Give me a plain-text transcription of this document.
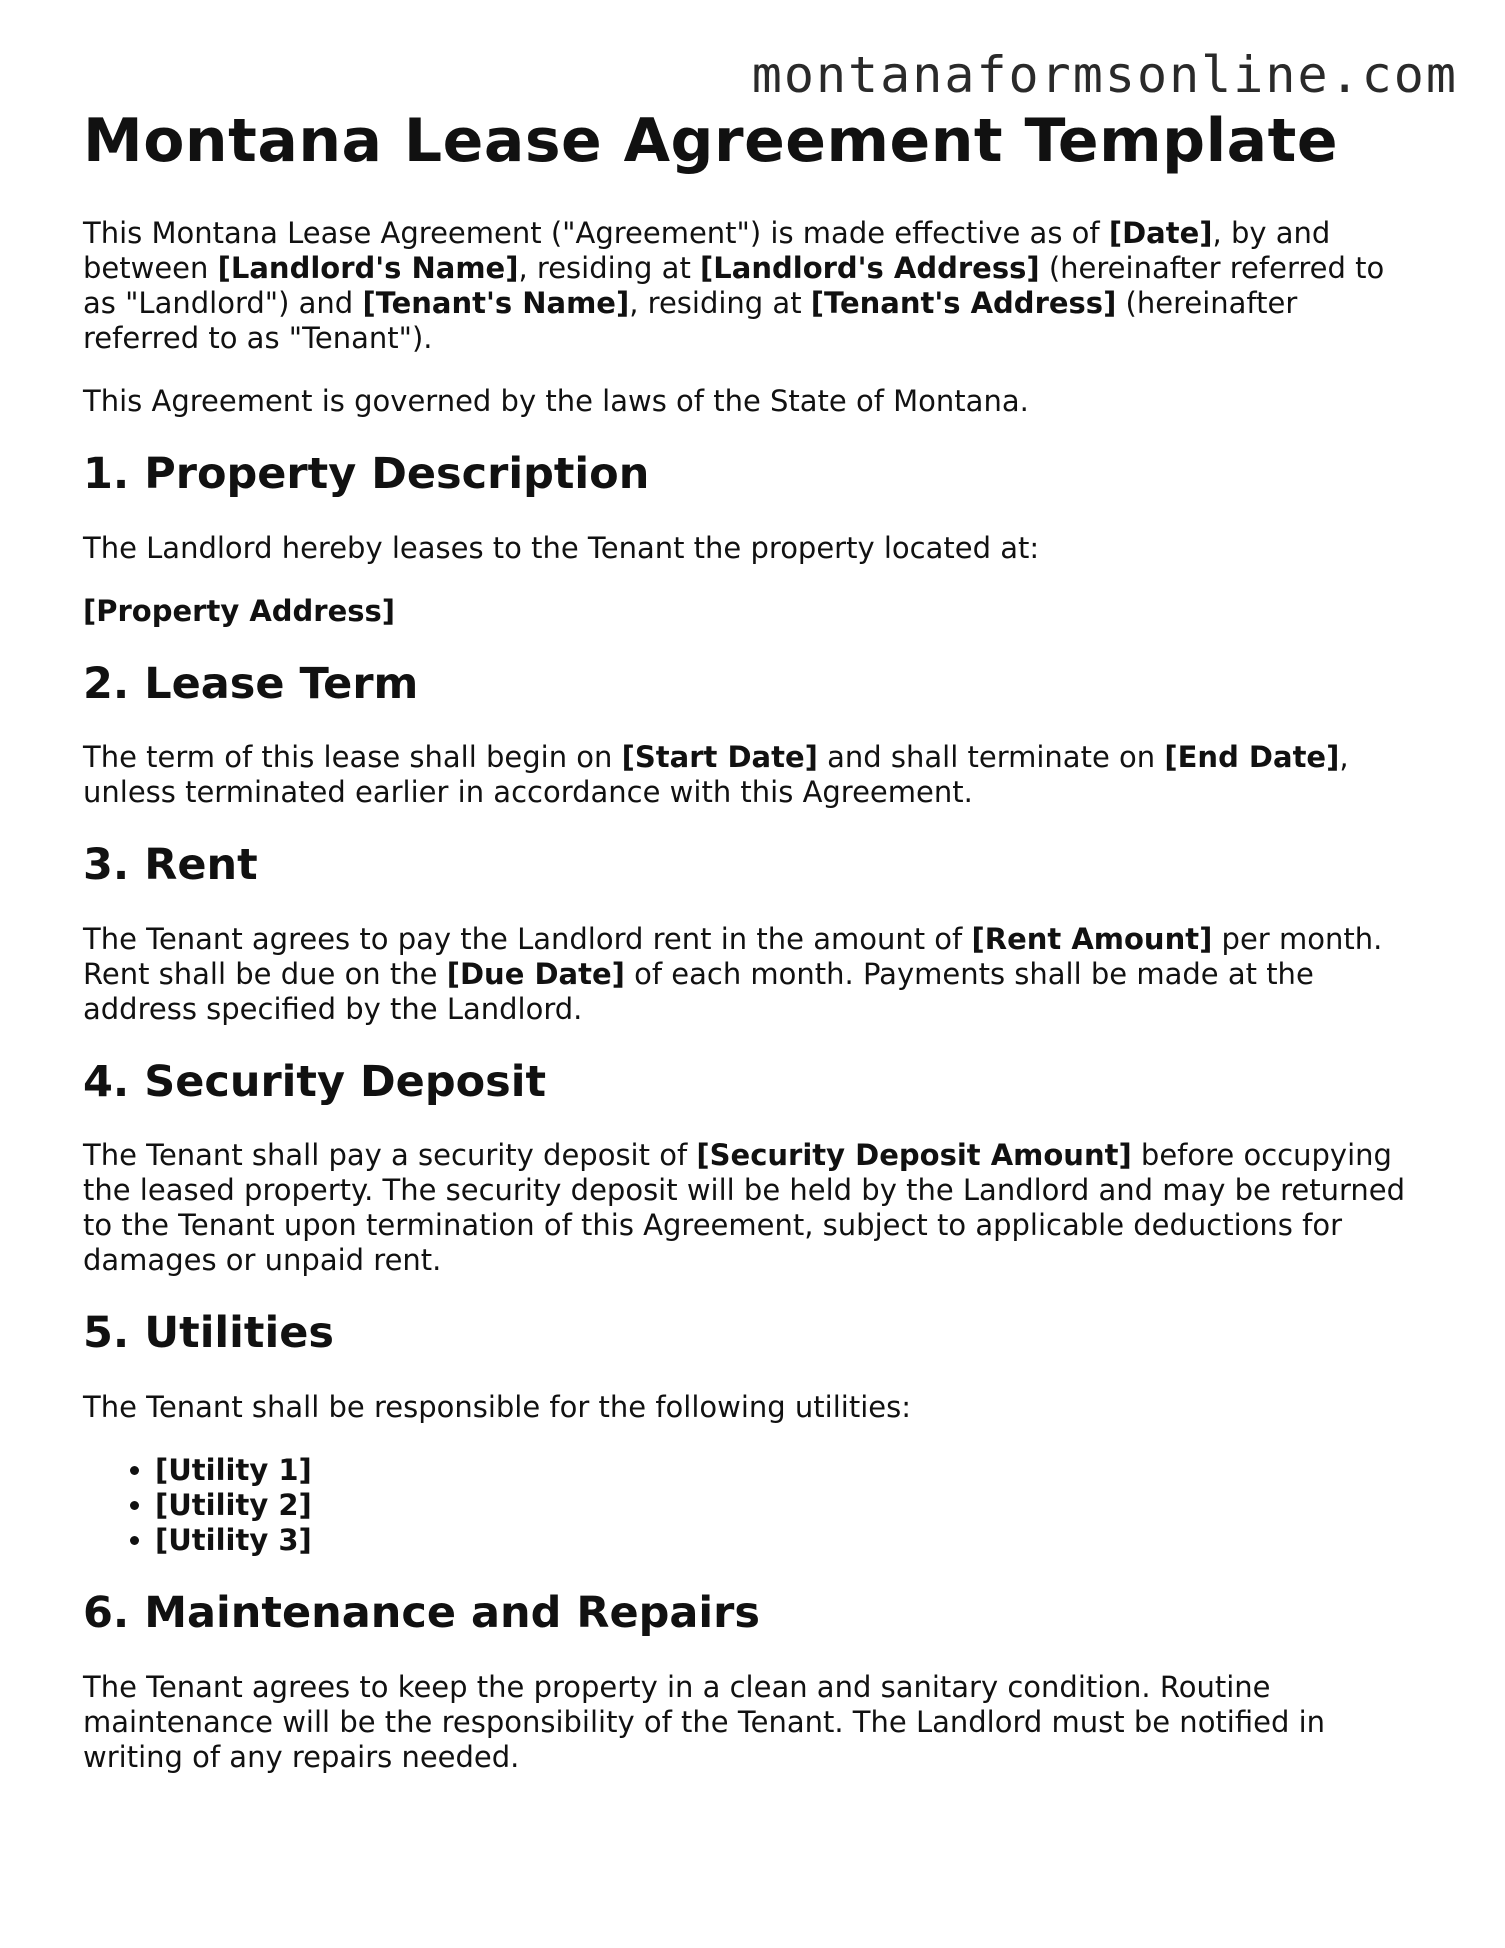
montanaformsonline.com
Montana Lease Agreement Template

This Montana Lease Agreement ("Agreement") is made effective as of [Date], by and between [Landlord's Name], residing at [Landlord's Address] (hereinafter referred to as "Landlord") and [Tenant's Name], residing at [Tenant's Address] (hereinafter referred to as "Tenant").

This Agreement is governed by the laws of the State of Montana.

1. Property Description

The Landlord hereby leases to the Tenant the property located at:

[Property Address]

2. Lease Term

The term of this lease shall begin on [Start Date] and shall terminate on [End Date], unless terminated earlier in accordance with this Agreement.

3. Rent

The Tenant agrees to pay the Landlord rent in the amount of [Rent Amount] per month. Rent shall be due on the [Due Date] of each month. Payments shall be made at the address specified by the Landlord.

4. Security Deposit

The Tenant shall pay a security deposit of [Security Deposit Amount] before occupying the leased property. The security deposit will be held by the Landlord and may be returned to the Tenant upon termination of this Agreement, subject to applicable deductions for damages or unpaid rent.

5. Utilities

The Tenant shall be responsible for the following utilities:

• [Utility 1]
• [Utility 2]
• [Utility 3]
6. Maintenance and Repairs

The Tenant agrees to keep the property in a clean and sanitary condition. Routine maintenance will be the responsibility of the Tenant. The Landlord must be notified in writing of any repairs needed.
